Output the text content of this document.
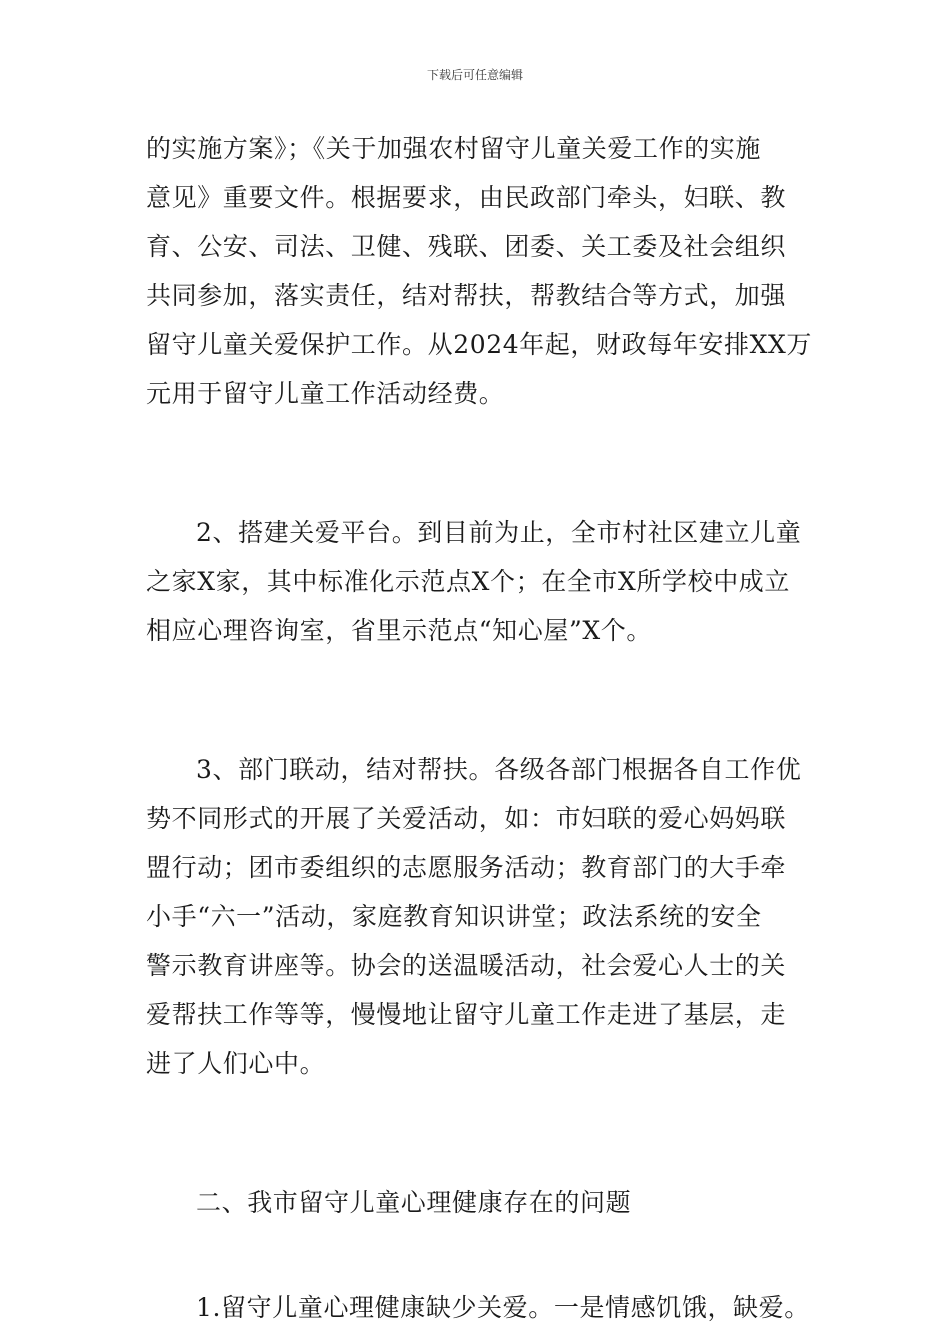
下载后可任意编辑
的实施方案》；《关于加强农村留守儿童关爱工作的实施
意见》重要文件。根据要求，由民政部门牵头，妇联、教
育、公安、司法、卫健、残联、团委、关工委及社会组织
共同参加，落实责任，结对帮扶，帮教结合等方式，加强
留守儿童关爱保护工作。从2024年起，财政每年安排XX万
元用于留守儿童工作活动经费。
2、搭建关爱平台。到目前为止，全市村社区建立儿童
之家X家，其中标准化示范点X个；在全市X所学校中成立
相应心理咨询室，省里示范点“知心屋”X个。
3、部门联动，结对帮扶。各级各部门根据各自工作优
势不同形式的开展了关爱活动，如：市妇联的爱心妈妈联
盟行动；团市委组织的志愿服务活动；教育部门的大手牵
小手“六一”活动，家庭教育知识讲堂；政法系统的安全
警示教育讲座等。协会的送温暖活动，社会爱心人士的关
爱帮扶工作等等，慢慢地让留守儿童工作走进了基层，走
进了人们心中。
二、我市留守儿童心理健康存在的问题
1.留守儿童心理健康缺少关爱。一是情感饥饿，缺爱。
